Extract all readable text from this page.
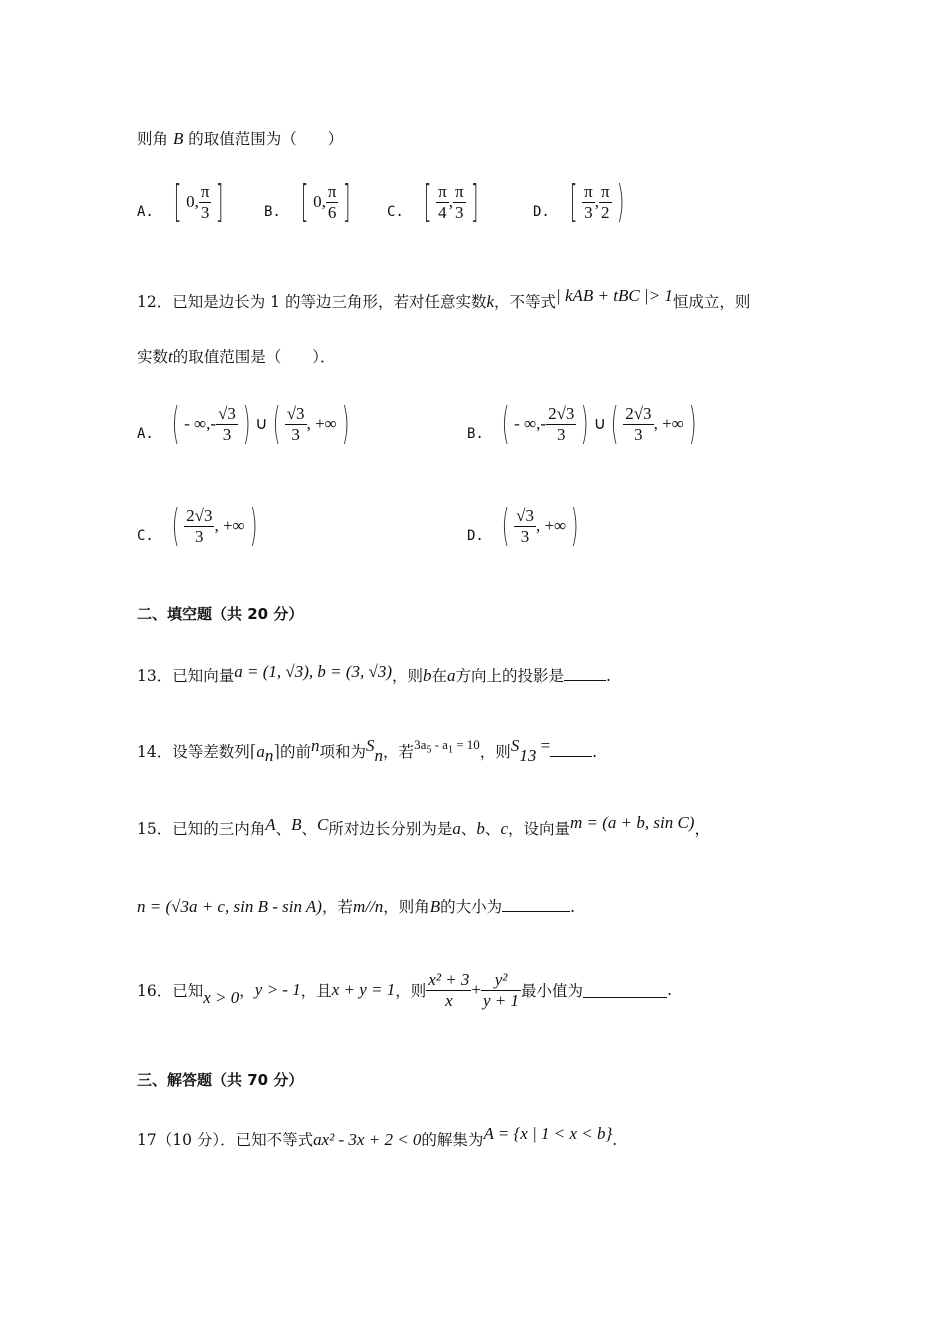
则角 B 的取值范围为（　　）
A. [ 0, $\frac{\pi}{3}$ ]	B. [ 0, $\frac{\pi}{6}$ ]	C. [ $\frac{\pi}{4}$ , $\frac{\pi}{3}$ ]	D. [ $\frac{\pi}{3}$ , $\frac{\pi}{2}$ )
12．已知是边长为 1 的等边三角形，若对任意实数k，不等式| kAB + tBC |> 1恒成立，则
实数t的取值范围是（　　）．
A. ( - ∞,- $\frac{√3}{3}$ ) ∪ ( $\frac{√3}{3}$ , +∞ )	B. ( - ∞,- $\frac{2√3}{3}$ ) ∪ ( $\frac{2√3}{3}$ , +∞ )
C. ( $\frac{2√3}{3}$ , +∞ )	D. ( $\frac{√3}{3}$ , +∞ )
二、填空题（共 20 分）
13．已知向量a = (1, √3), b = (3, √3)，则b在a方向上的投影是	.
14．设等差数列$⌈a_n⌉$的前n项和为$S_n$，若$^{3a_5 - a_1 = 10}$，则$S_{13}$ =	.
15．已知的三内角A、B、C所对边长分别为是a、b、c，设向量m = (a + b, sin C)，
n = (√3a + c, sin B - sin A)，若m//n，则角B的大小为	.
16．已知 x > 0 ， y > - 1 ，且 x + y = 1 ，则 $\frac{\text{x² + 3}}{x} + \frac{\text{y²}}{y + 1}$ 最小值为	.
三、解答题（共 70 分）
17（10 分）．已知不等式ax² - 3x + 2 < 0的解集为A = {x | 1 < x < b}.
